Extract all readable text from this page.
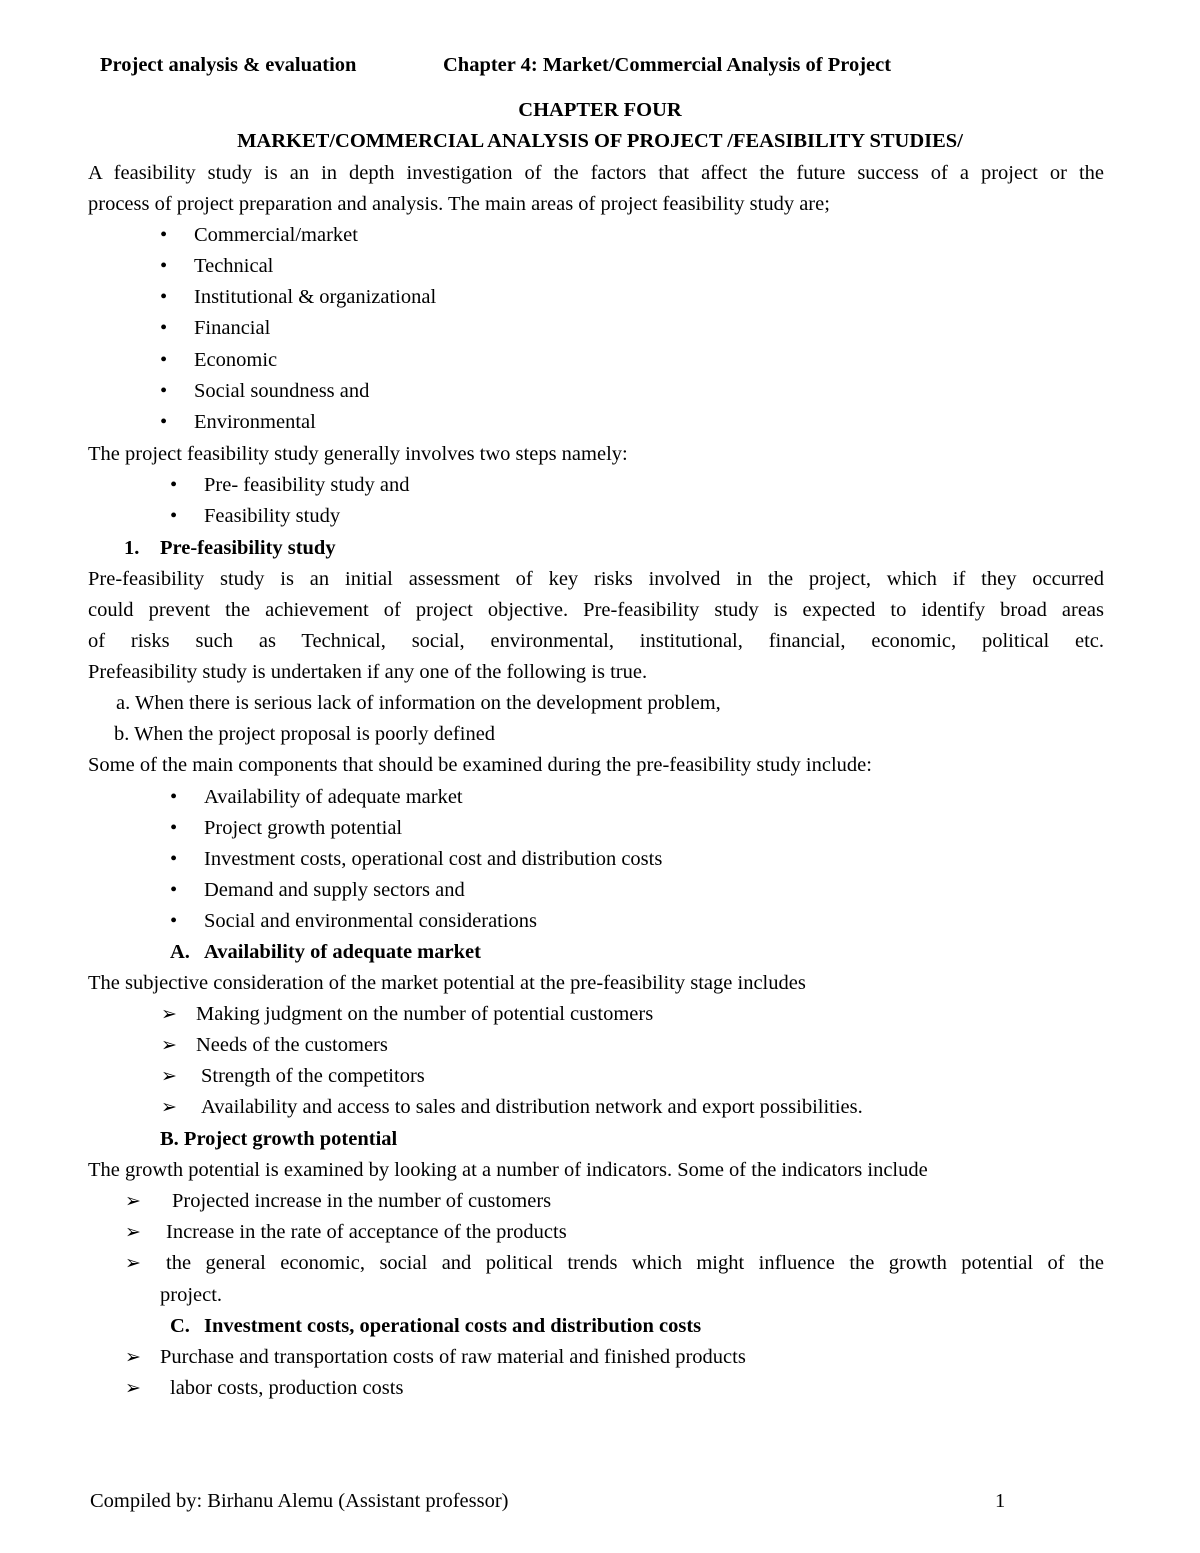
Project analysis & evaluation	Chapter 4: Market/Commercial Analysis of Project
CHAPTER FOUR
MARKET/COMMERCIAL ANALYSIS OF PROJECT /FEASIBILITY STUDIES/
A feasibility study is an in depth investigation of the factors that affect the future success of a project or the
process of project preparation and analysis. The main areas of project feasibility study are;
• Commercial/market
• Technical
• Institutional & organizational
• Financial
• Economic
• Social soundness and
• Environmental
The project feasibility study generally involves two steps namely:
• Pre- feasibility study and
• Feasibility study
1. Pre-feasibility study
Pre-feasibility study is an initial assessment of key risks involved in the project, which if they occurred
could prevent the achievement of project objective. Pre-feasibility study is expected to identify broad areas
of risks such as Technical, social, environmental, institutional, financial, economic, political etc.
Prefeasibility study is undertaken if any one of the following is true.
a. When there is serious lack of information on the development problem,
b. When the project proposal is poorly defined
Some of the main components that should be examined during the pre-feasibility study include:
• Availability of adequate market
• Project growth potential
• Investment costs, operational cost and distribution costs
• Demand and supply sectors and
• Social and environmental considerations
A. Availability of adequate market
The subjective consideration of the market potential at the pre-feasibility stage includes
➢ Making judgment on the number of potential customers
➢ Needs of the customers
➢ Strength of the competitors
➢ Availability and access to sales and distribution network and export possibilities.
B. Project growth potential
The growth potential is examined by looking at a number of indicators. Some of the indicators include
➢ Projected increase in the number of customers
➢ Increase in the rate of acceptance of the products
➢ the general economic, social and political trends which might influence the growth potential of the
project.
C. Investment costs, operational costs and distribution costs
➢ Purchase and transportation costs of raw material and finished products
➢ labor costs, production costs
Compiled by: Birhanu Alemu (Assistant professor)	1
